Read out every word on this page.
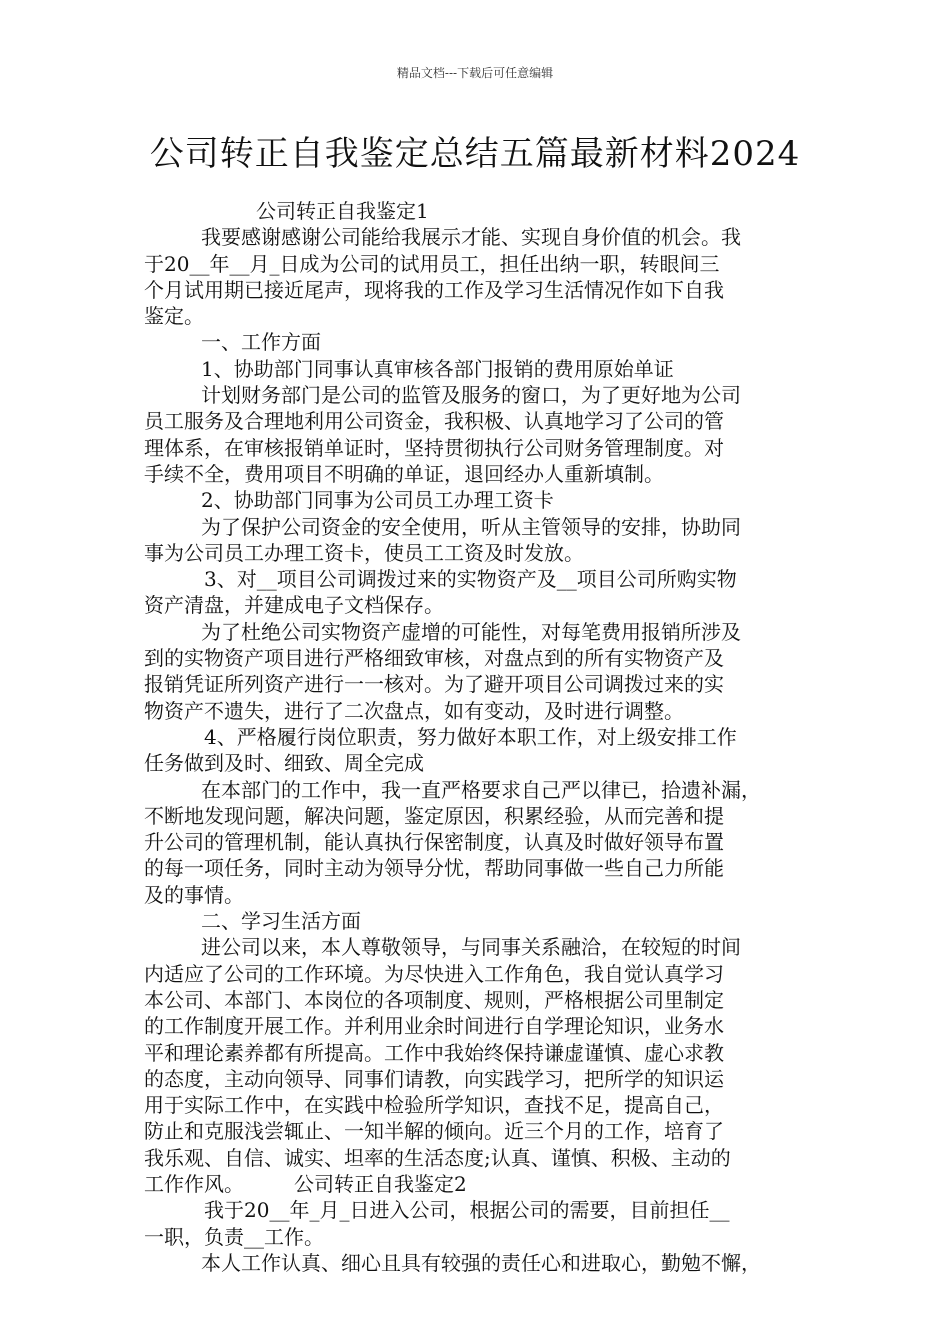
精品文档---下载后可任意编辑
公司转正自我鉴定总结五篇最新材料2024
公司转正自我鉴定1
我要感谢感谢公司能给我展示才能、实现自身价值的机会。我
于20__年__月_日成为公司的试用员工，担任出纳一职，转眼间三
个月试用期已接近尾声，现将我的工作及学习生活情况作如下自我
鉴定。
一、工作方面
1、协助部门同事认真审核各部门报销的费用原始单证
计划财务部门是公司的监管及服务的窗口，为了更好地为公司
员工服务及合理地利用公司资金，我积极、认真地学习了公司的管
理体系，在审核报销单证时，坚持贯彻执行公司财务管理制度。对
手续不全，费用项目不明确的单证，退回经办人重新填制。
2、协助部门同事为公司员工办理工资卡
为了保护公司资金的安全使用，听从主管领导的安排，协助同
事为公司员工办理工资卡，使员工工资及时发放。
3、对__项目公司调拨过来的实物资产及__项目公司所购实物
资产清盘，并建成电子文档保存。
为了杜绝公司实物资产虚增的可能性，对每笔费用报销所涉及
到的实物资产项目进行严格细致审核，对盘点到的所有实物资产及
报销凭证所列资产进行一一核对。为了避开项目公司调拨过来的实
物资产不遗失，进行了二次盘点，如有变动，及时进行调整。
4、严格履行岗位职责，努力做好本职工作，对上级安排工作
任务做到及时、细致、周全完成
在本部门的工作中，我一直严格要求自己严以律已，拾遗补漏，
不断地发现问题，解决问题，鉴定原因，积累经验，从而完善和提
升公司的管理机制，能认真执行保密制度，认真及时做好领导布置
的每一项任务，同时主动为领导分忧，帮助同事做一些自己力所能
及的事情。
二、学习生活方面
进公司以来，本人尊敬领导，与同事关系融洽，在较短的时间
内适应了公司的工作环境。为尽快进入工作角色，我自觉认真学习
本公司、本部门、本岗位的各项制度、规则，严格根据公司里制定
的工作制度开展工作。并利用业余时间进行自学理论知识，业务水
平和理论素养都有所提高。工作中我始终保持谦虚谨慎、虚心求教
的态度，主动向领导、同事们请教，向实践学习，把所学的知识运
用于实际工作中，在实践中检验所学知识，查找不足，提高自己，
防止和克服浅尝辄止、一知半解的倾向。近三个月的工作，培育了
我乐观、自信、诚实、坦率的生活态度;认真、谨慎、积极、主动的
工作作风。　　　公司转正自我鉴定2
我于20__年_月_日进入公司，根据公司的需要，目前担任__
一职，负责__工作。
本人工作认真、细心且具有较强的责任心和进取心，勤勉不懈，
